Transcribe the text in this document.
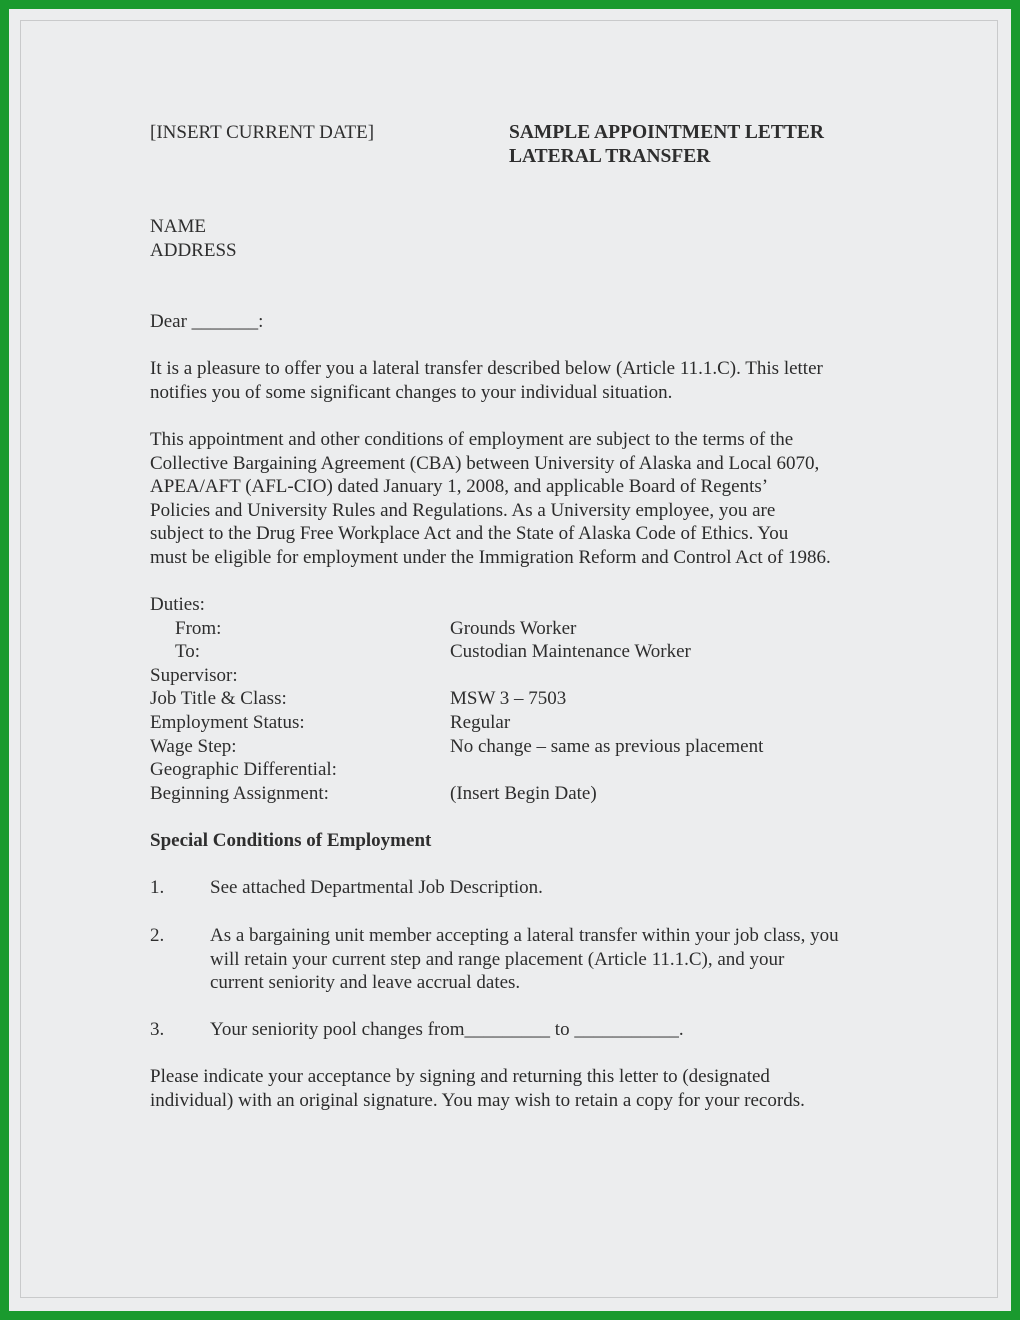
[INSERT CURRENT DATE]	SAMPLE APPOINTMENT LETTER
LATERAL TRANSFER
NAME
ADDRESS
Dear _______:
It is a pleasure to offer you a lateral transfer described below (Article 11.1.C). This letter
notifies you of some significant changes to your individual situation.
This appointment and other conditions of employment are subject to the terms of the
Collective Bargaining Agreement (CBA) between University of Alaska and Local 6070,
APEA/AFT (AFL-CIO) dated January 1, 2008, and applicable Board of Regents’
Policies and University Rules and Regulations. As a University employee, you are
subject to the Drug Free Workplace Act and the State of Alaska Code of Ethics. You
must be eligible for employment under the Immigration Reform and Control Act of 1986.
Duties:
From:	Grounds Worker
To:	Custodian Maintenance Worker
Supervisor:
Job Title & Class:	MSW 3 – 7503
Employment Status:	Regular
Wage Step:	No change – same as previous placement
Geographic Differential:
Beginning Assignment:	(Insert Begin Date)
Special Conditions of Employment
1. See attached Departmental Job Description.
2. As a bargaining unit member accepting a lateral transfer within your job class, you
will retain your current step and range placement (Article 11.1.C), and your
current seniority and leave accrual dates.
3. Your seniority pool changes from_________ to ___________.
Please indicate your acceptance by signing and returning this letter to (designated
individual) with an original signature. You may wish to retain a copy for your records.
